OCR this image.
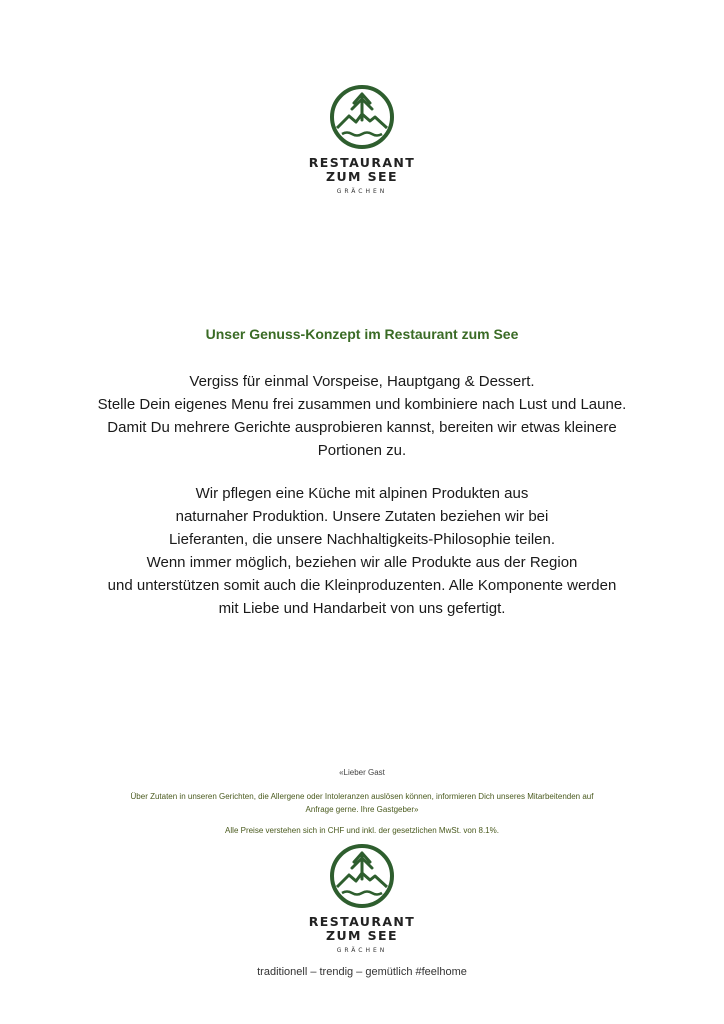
RESTAURANT
ZUM SEE
GRÄCHEN
Unser Genuss-Konzept im Restaurant zum See
Vergiss für einmal Vorspeise, Hauptgang & Dessert.
Stelle Dein eigenes Menu frei zusammen und kombiniere nach Lust und Laune.
Damit Du mehrere Gerichte ausprobieren kannst, bereiten wir etwas kleinere
Portionen zu.
Wir pflegen eine Küche mit alpinen Produkten aus
naturnaher Produktion. Unsere Zutaten beziehen wir bei
Lieferanten, die unsere Nachhaltigkeits-Philosophie teilen.
Wenn immer möglich, beziehen wir alle Produkte aus der Region
und unterstützen somit auch die Kleinproduzenten. Alle Komponente werden
mit Liebe und Handarbeit von uns gefertigt.
«Lieber Gast
Über Zutaten in unseren Gerichten, die Allergene oder Intoleranzen auslösen können, informieren Dich unseres Mitarbeitenden auf
Anfrage gerne. Ihre Gastgeber»
Alle Preise verstehen sich in CHF und inkl. der gesetzlichen MwSt. von 8.1%.
RESTAURANT
ZUM SEE
GRÄCHEN
traditionell – trendig – gemütlich #feelhome
